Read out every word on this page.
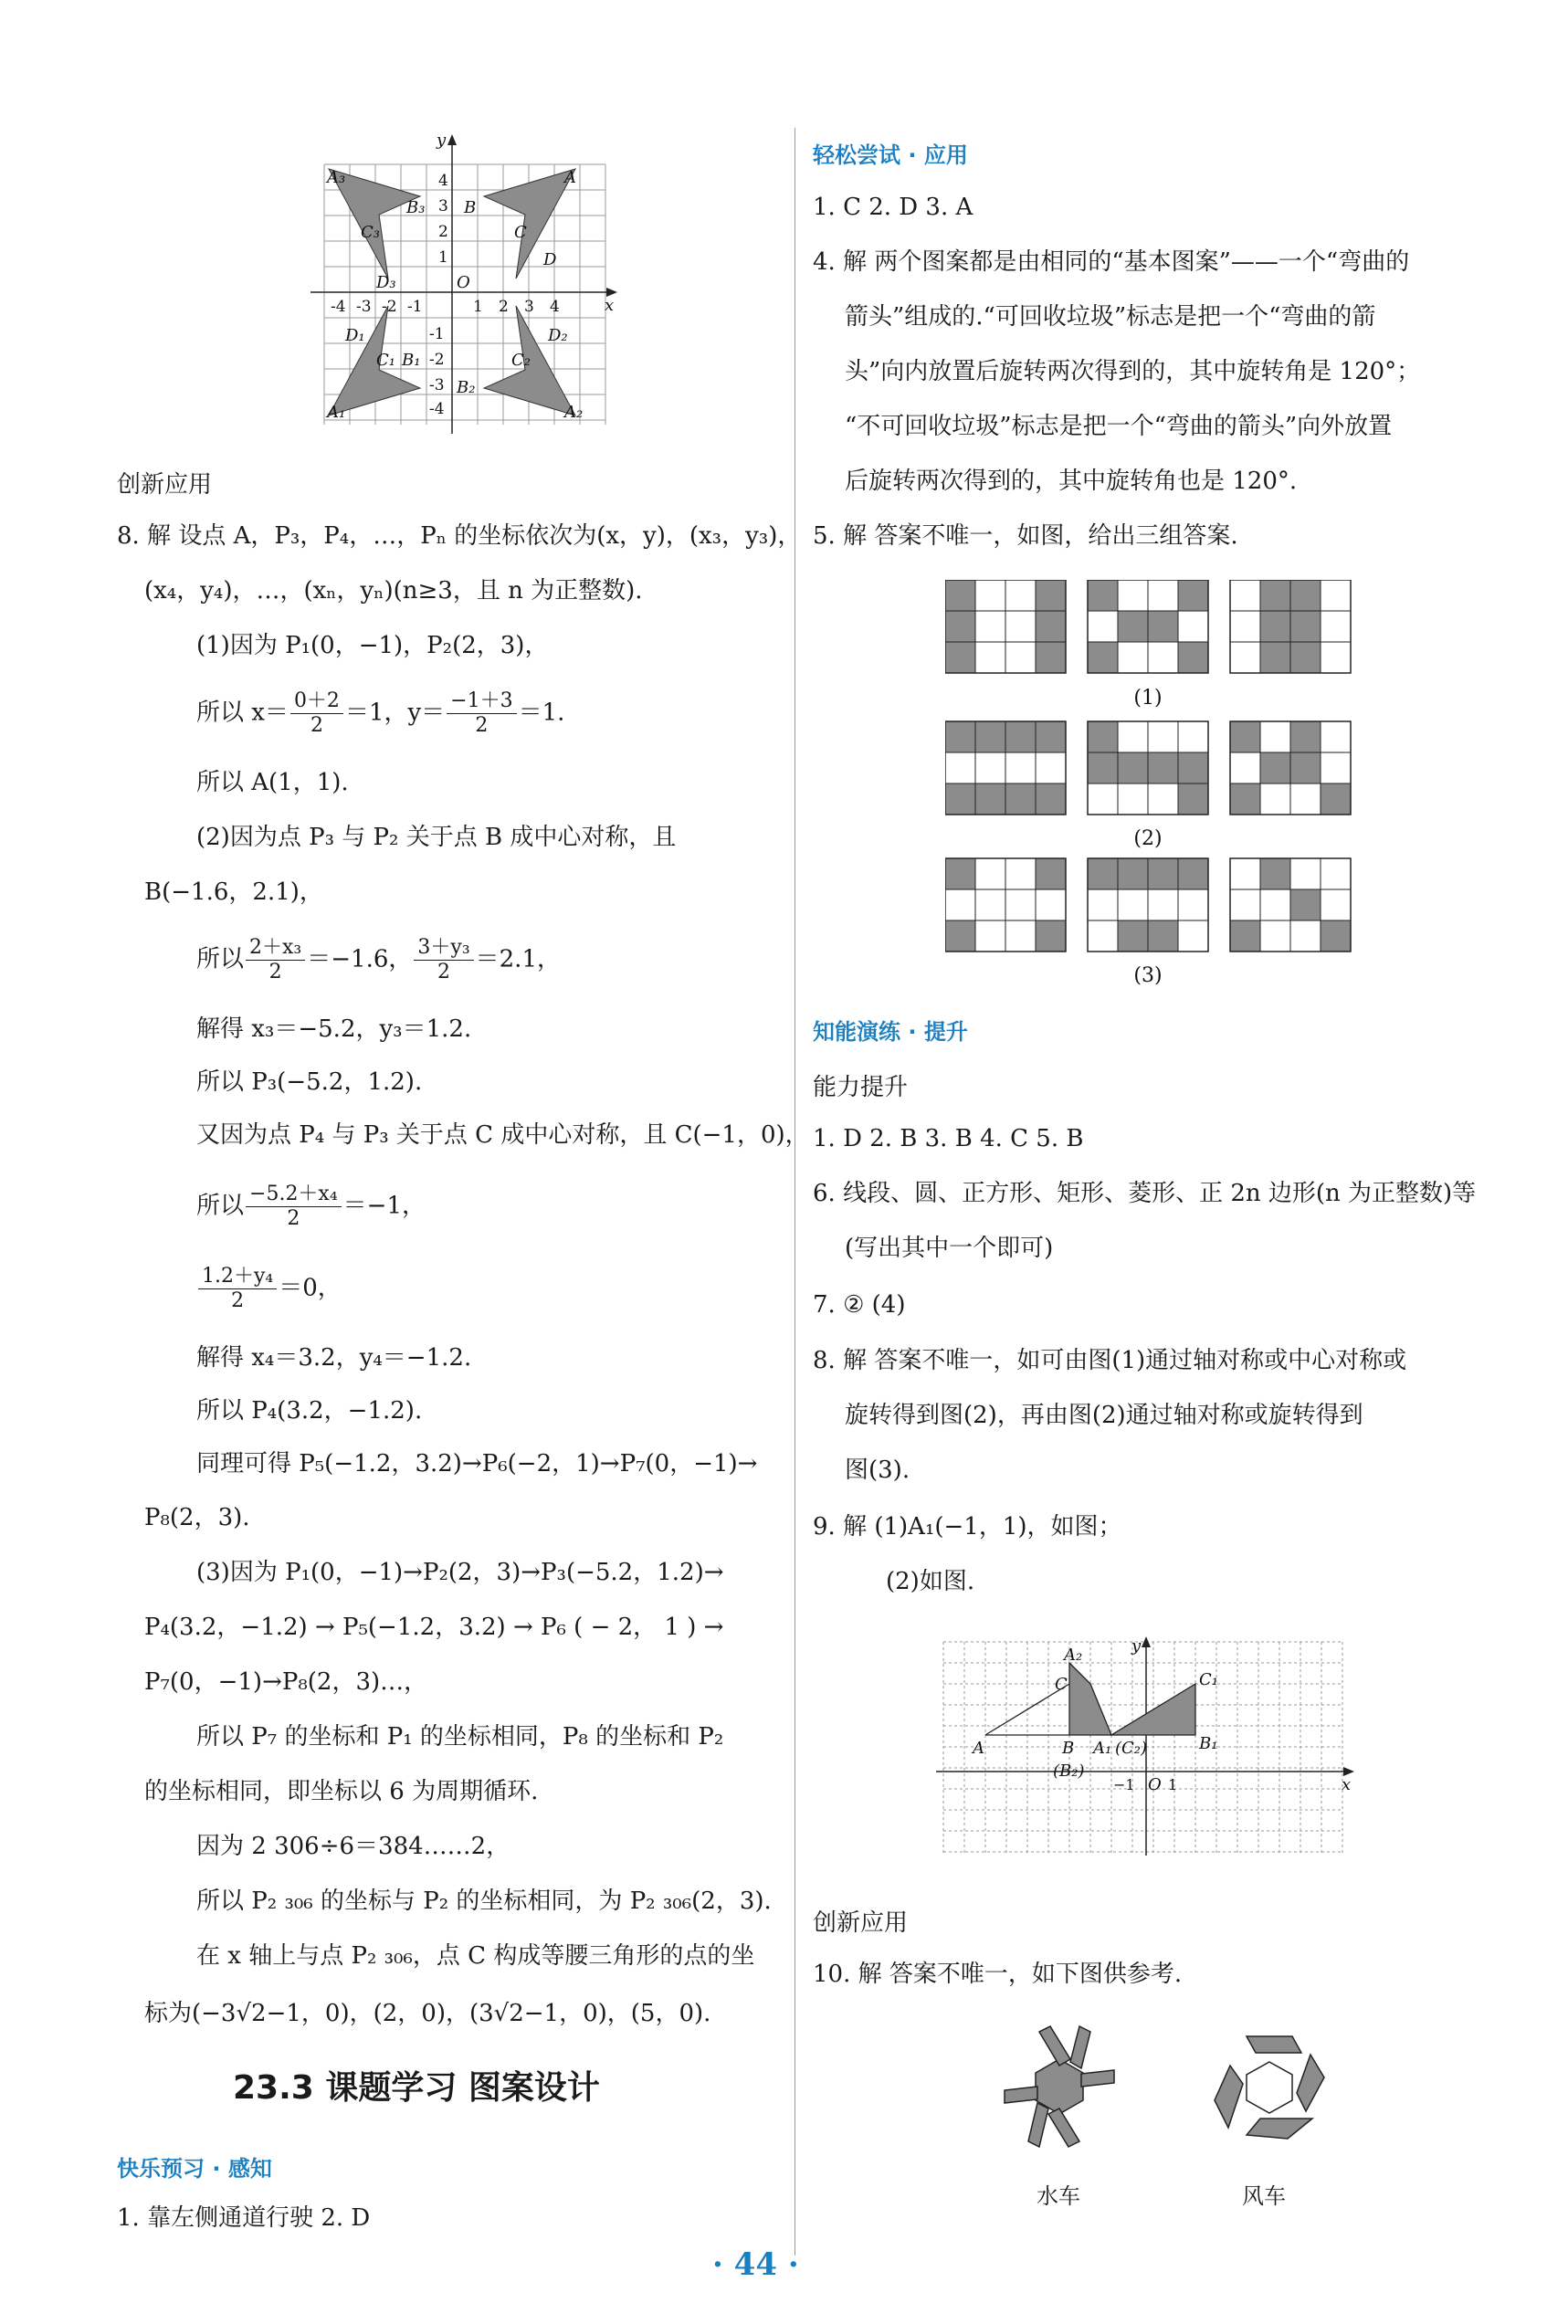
y
x
A₃	A
B₃ B
C₃	C
D
D₃	O
D₁	D₂
C₁ B₁	C₂
B₂
A₁	A₂
-4 -3 -2 -1	1 2 3 4
4
3
2
1
-1
-2
-3
-4
创新应用
8. 解 设点 A，P₃，P₄，…，Pₙ 的坐标依次为(x，y)，(x₃，y₃)，
(x₄，y₄)，…，(xₙ，yₙ)(n≥3，且 n 为正整数).
(1)因为 P₁(0，−1)，P₂(2，3)，
所以 $x= \frac{0+2}{2} =1$，$y= \frac{-1+3}{2} =1$.
所以 A(1，1).
(2)因为点 P₃ 与 P₂ 关于点 B 成中心对称，且
B(−1.6，2.1)，
所以 $\frac{\text{2＋x₃}}{2} =-1.6$， $\frac{\text{3＋y₃}}{2} =2.1$，
解得 x₃＝−5.2，y₃＝1.2.
所以 P₃(−5.2，1.2).
又因为点 P₄ 与 P₃ 关于点 C 成中心对称，且 C(−1，0)，
所以 $\frac{\text{−5.2＋x₄}}{2} =-1$，
$\frac{\text{1.2＋y₄}}{2} =0$，
解得 x₄＝3.2，y₄＝−1.2.
所以 P₄(3.2，−1.2).
同理可得 P₅(−1.2，3.2)→P₆(−2，1)→P₇(0，−1)→
P₈(2，3).
(3)因为 P₁(0，−1)→P₂(2，3)→P₃(−5.2，1.2)→
P₄(3.2，−1.2) → P₅(−1.2，3.2) → P₆ ( − 2， 1 ) →
P₇(0，−1)→P₈(2，3)…，
所以 P₇ 的坐标和 P₁ 的坐标相同，P₈ 的坐标和 P₂
的坐标相同，即坐标以 6 为周期循环.
因为 2 306÷6＝384……2，
所以 P₂ ₃₀₆ 的坐标与 P₂ 的坐标相同，为 P₂ ₃₀₆(2，3).
在 x 轴上与点 P₂ ₃₀₆，点 C 构成等腰三角形的点的坐
标为(−3√2−1，0)，(2，0)，(3√2−1，0)，(5，0).
23.3 课题学习 图案设计
快乐预习 · 感知
1. 靠左侧通道行驶 2. D
轻松尝试 · 应用
1. C 2. D 3. A
4. 解 两个图案都是由相同的“基本图案”——一个“弯曲的
箭头”组成的.“可回收垃圾”标志是把一个“弯曲的箭
头”向内放置后旋转两次得到的，其中旋转角是 120°；
“不可回收垃圾”标志是把一个“弯曲的箭头”向外放置
后旋转两次得到的，其中旋转角也是 120°.
5. 解 答案不唯一，如图，给出三组答案.
(1)
(2)
(3)
知能演练 · 提升
能力提升
1. D 2. B 3. B 4. C 5. B
6. 线段、圆、正方形、矩形、菱形、正 2n 边形(n 为正整数)等
(写出其中一个即可)
7. ② (4)
8. 解 答案不唯一，如可由图(1)通过轴对称或中心对称或
旋转得到图(2)，再由图(2)通过轴对称或旋转得到
图(3).
9. 解 (1)A₁(−1，1)，如图；
(2)如图.
A₂
C
A	B
(B₂)
A₁ (C₂)
C₁
B₁
y
x
O
−1 1
创新应用
10. 解 答案不唯一，如下图供参考.
水车	风车
· 44 ·
